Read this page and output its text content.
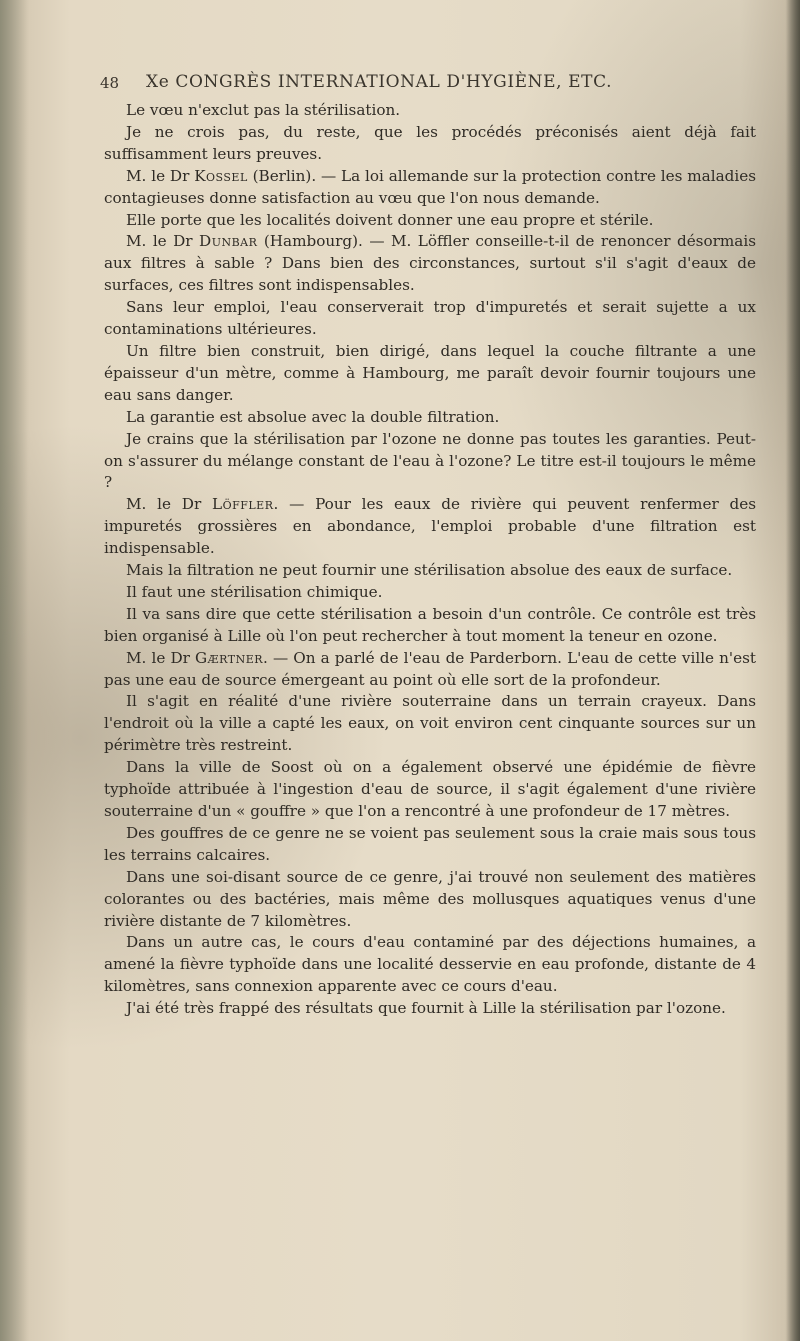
48 Xe CONGRÈS INTERNATIONAL D'HYGIÈNE, ETC.

Le vœu n'exclut pas la stérilisation.

Je ne crois pas, du reste, que les procédés préconisés aient déjà fait suffisamment leurs preuves.

M. le Dr Kossel (Berlin). — La loi allemande sur la protection contre les maladies contagieuses donne satisfaction au vœu que l'on nous demande.

Elle porte que les localités doivent donner une eau propre et stérile.

M. le Dr Dunbar (Hambourg). — M. Löffler conseille-t-il de renoncer désormais aux filtres à sable ? Dans bien des circonstances, surtout s'il s'agit d'eaux de surfaces, ces filtres sont indispensables.

Sans leur emploi, l'eau conserverait trop d'impuretés et serait sujette a ux contaminations ultérieures.

Un filtre bien construit, bien dirigé, dans lequel la couche filtrante a une épaisseur d'un mètre, comme à Hambourg, me paraît devoir fournir toujours une eau sans danger.

La garantie est absolue avec la double filtration.

Je crains que la stérilisation par l'ozone ne donne pas toutes les garanties. Peut-on s'assurer du mélange constant de l'eau à l'ozone? Le titre est-il toujours le même ?

M. le Dr Löffler. — Pour les eaux de rivière qui peuvent renfermer des impuretés grossières en abondance, l'emploi probable d'une filtration est indispensable.

Mais la filtration ne peut fournir une stérilisation absolue des eaux de surface.

Il faut une stérilisation chimique.

Il va sans dire que cette stérilisation a besoin d'un contrôle. Ce contrôle est très bien organisé à Lille où l'on peut rechercher à tout moment la teneur en ozone.

M. le Dr Gærtner. — On a parlé de l'eau de Parderborn. L'eau de cette ville n'est pas une eau de source émergeant au point où elle sort de la profondeur.

Il s'agit en réalité d'une rivière souterraine dans un terrain crayeux. Dans l'endroit où la ville a capté les eaux, on voit environ cent cinquante sources sur un périmètre très restreint.

Dans la ville de Soost où on a également observé une épidémie de fièvre typhoïde attribuée à l'ingestion d'eau de source, il s'agit également d'une rivière souterraine d'un « gouffre » que l'on a rencontré à une profondeur de 17 mètres.

Des gouffres de ce genre ne se voient pas seulement sous la craie mais sous tous les terrains calcaires.

Dans une soi-disant source de ce genre, j'ai trouvé non seulement des matières colorantes ou des bactéries, mais même des mollusques aquatiques venus d'une rivière distante de 7 kilomètres.

Dans un autre cas, le cours d'eau contaminé par des déjections humaines, a amené la fièvre typhoïde dans une localité desservie en eau profonde, distante de 4 kilomètres, sans connexion apparente avec ce cours d'eau.

J'ai été très frappé des résultats que fournit à Lille la stérilisation par l'ozone.
